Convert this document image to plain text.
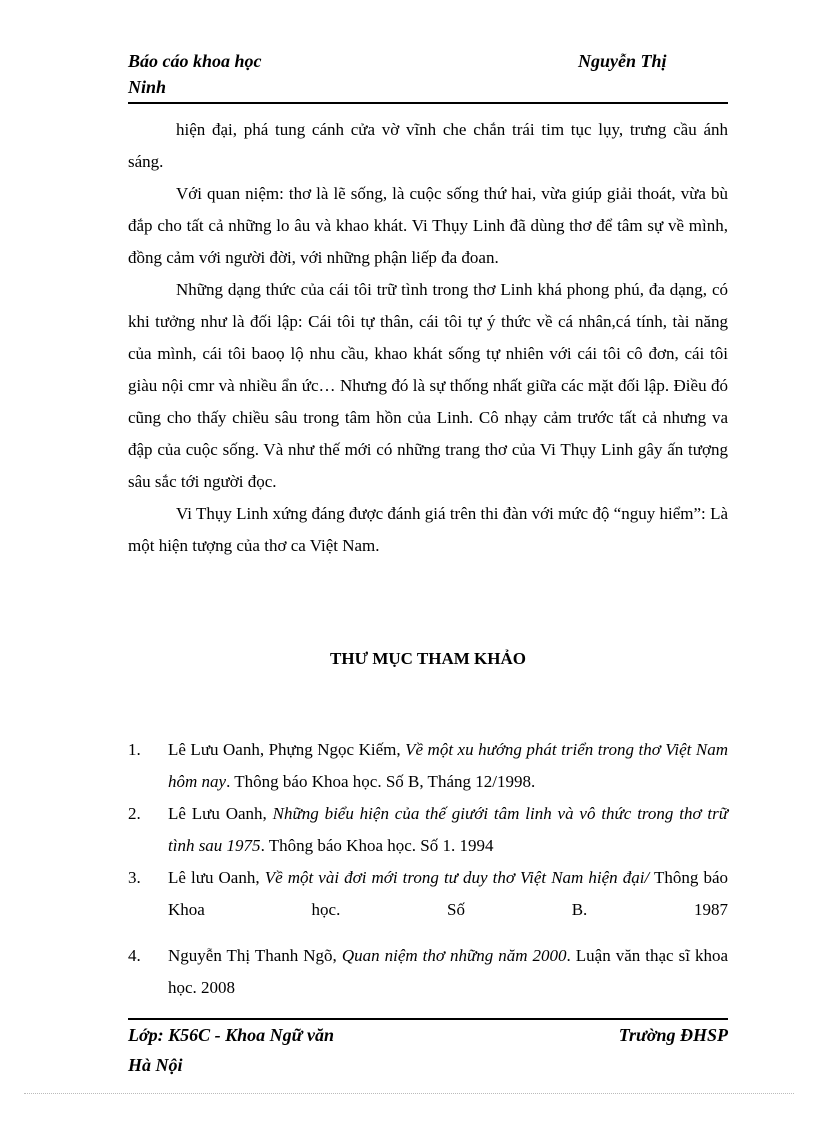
Báo cáo khoa học
Ninh
Nguyễn Thị

hiện đại, phá tung cánh cửa vờ vĩnh che chắn trái tim tục lụy, trưng cầu ánh sáng.

Với quan niệm: thơ là lẽ sống, là cuộc sống thứ hai, vừa giúp giải thoát, vừa bù đắp cho tất cả những lo âu và khao khát. Vi Thụy Linh đã dùng thơ để tâm sự về mình, đồng cảm với người đời, với những phận liếp đa đoan.

Những dạng thức của cái tôi trữ tình trong thơ Linh khá phong phú, đa dạng, có khi tưởng như là đối lập: Cái tôi tự thân, cái tôi tự ý thức về cá nhân,cá tính, tài năng của mình, cái tôi baoọ lộ nhu cầu, khao khát sống tự nhiên với cái tôi cô đơn, cái tôi giàu nội cmr và nhiều ẩn ức… Nhưng đó là sự thống nhất giữa các mặt đối lập. Điều đó cũng cho thấy chiều sâu trong tâm hồn của Linh. Cô nhạy cảm trước tất cả nhưng va đập của cuộc sống. Và như thế mới có những trang thơ của Vi Thụy Linh gây ấn tượng sâu sắc tới người đọc.

Vi Thụy Linh xứng đáng được đánh giá trên thi đàn với mức độ “nguy hiểm”: Là một hiện tượng của thơ ca Việt Nam.

THƯ MỤC THAM KHẢO
1. Lê Lưu Oanh, Phựng Ngọc Kiếm, Về một xu hướng phát triển trong thơ Việt Nam hôm nay. Thông báo Khoa học. Số B, Tháng 12/1998.
2. Lê Lưu Oanh, Những biểu hiện của thế giưới tâm linh và vô thức trong thơ trữ tình sau 1975. Thông báo Khoa học. Số 1. 1994
3. Lê lưu Oanh, Về một vài đơi mới trong tư duy thơ Việt Nam hiện đại/ Thông báo Khoa học. Số B. 1987
4. Nguyễn Thị Thanh Ngõ, Quan niệm thơ những năm 2000. Luận văn thạc sĩ khoa học. 2008
Lớp: K56C - Khoa Ngữ văn
Hà Nội
Trường ĐHSP
